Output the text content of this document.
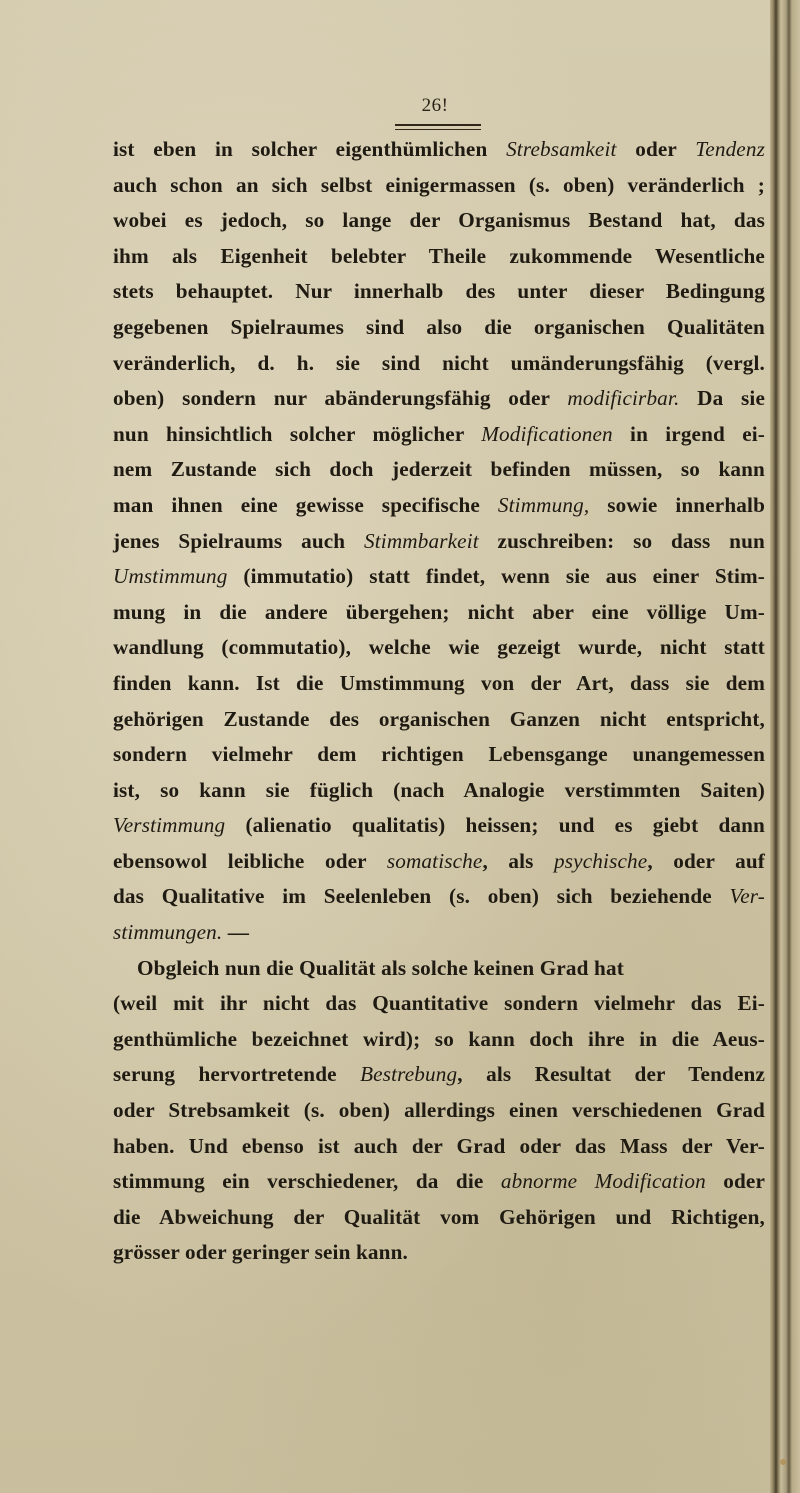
26!
ist eben in solcher eigenthümlichen Strebsamkeit oder Tendenz
auch schon an sich selbst einigermassen (s. oben) veränderlich ;
wobei es jedoch, so lange der Organismus Bestand hat, das
ihm als Eigenheit belebter Theile zukommende Wesentliche
stets behauptet. Nur innerhalb des unter dieser Bedingung
gegebenen Spielraumes sind also die organischen Qualitäten
veränderlich, d. h. sie sind nicht umänderungsfähig (vergl.
oben) sondern nur abänderungsfähig oder modificirbar. Da sie
nun hinsichtlich solcher möglicher Modificationen in irgend ei-
nem Zustande sich doch jederzeit befinden müssen, so kann
man ihnen eine gewisse specifische Stimmung, sowie innerhalb
jenes Spielraums auch Stimmbarkeit zuschreiben: so dass nun
Umstimmung (immutatio) statt findet, wenn sie aus einer Stim-
mung in die andere übergehen; nicht aber eine völlige Um-
wandlung (commutatio), welche wie gezeigt wurde, nicht statt
finden kann. Ist die Umstimmung von der Art, dass sie dem
gehörigen Zustande des organischen Ganzen nicht entspricht,
sondern vielmehr dem richtigen Lebensgange unangemessen
ist, so kann sie füglich (nach Analogie verstimmten Saiten)
Verstimmung (alienatio qualitatis) heissen; und es giebt dann
ebensowol leibliche oder somatische, als psychische, oder auf
das Qualitative im Seelenleben (s. oben) sich beziehende Ver-
stimmungen. —
Obgleich nun die Qualität als solche keinen Grad hat
(weil mit ihr nicht das Quantitative sondern vielmehr das Ei-
genthümliche bezeichnet wird); so kann doch ihre in die Aeus-
serung hervortretende Bestrebung, als Resultat der Tendenz
oder Strebsamkeit (s. oben) allerdings einen verschiedenen Grad
haben. Und ebenso ist auch der Grad oder das Mass der Ver-
stimmung ein verschiedener, da die abnorme Modification oder
die Abweichung der Qualität vom Gehörigen und Richtigen,
grösser oder geringer sein kann.
